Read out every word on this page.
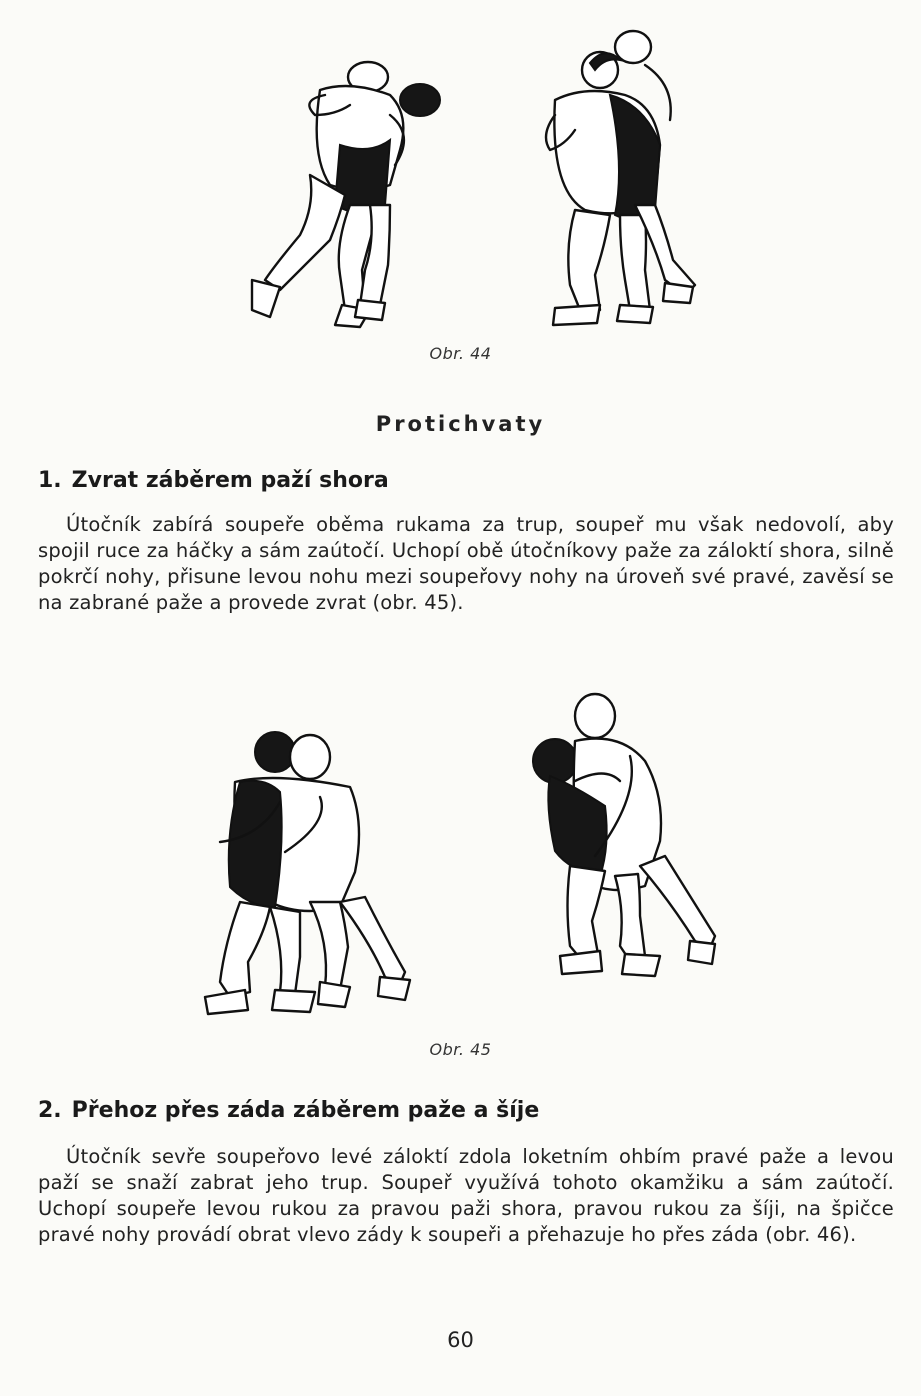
Obr. 44
Protichvaty
1. Zvrat záběrem paží shora
Útočník zabírá soupeře oběma rukama za trup, soupeř mu však nedovolí, aby spojil ruce za háčky a sám zaútočí. Uchopí obě útočníkovy paže za záloktí shora, silně pokrčí nohy, přisune levou nohu mezi soupeřovy nohy na úroveň své pravé, zavěsí se na zabrané paže a provede zvrat (obr. 45).
Obr. 45
2. Přehoz přes záda záběrem paže a šíje
Útočník sevře soupeřovo levé záloktí zdola loketním ohbím pravé paže a levou paží se snaží zabrat jeho trup. Soupeř využívá tohoto okamžiku a sám zaútočí. Uchopí soupeře levou rukou za pravou paži shora, pravou rukou za šíji, na špičce pravé nohy provádí obrat vlevo zády k soupeři a přehazuje ho přes záda (obr. 46).
60
